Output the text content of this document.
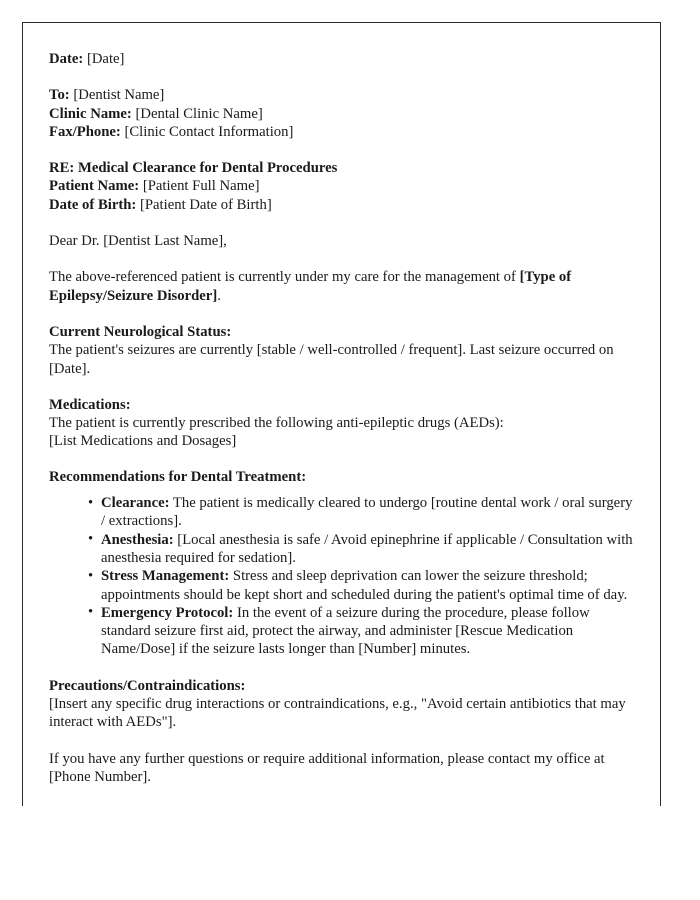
Date: [Date]
To: [Dentist Name]
Clinic Name: [Dental Clinic Name]
Fax/Phone: [Clinic Contact Information]
RE: Medical Clearance for Dental Procedures
Patient Name: [Patient Full Name]
Date of Birth: [Patient Date of Birth]
Dear Dr. [Dentist Last Name],
The above-referenced patient is currently under my care for the management of [Type of Epilepsy/Seizure Disorder].
Current Neurological Status:
The patient's seizures are currently [stable / well-controlled / frequent]. Last seizure occurred on [Date].
Medications:
The patient is currently prescribed the following anti-epileptic drugs (AEDs):
[List Medications and Dosages]
Recommendations for Dental Treatment:
• Clearance: The patient is medically cleared to undergo [routine dental work / oral surgery / extractions].
• Anesthesia: [Local anesthesia is safe / Avoid epinephrine if applicable / Consultation with anesthesia required for sedation].
• Stress Management: Stress and sleep deprivation can lower the seizure threshold; appointments should be kept short and scheduled during the patient's optimal time of day.
• Emergency Protocol: In the event of a seizure during the procedure, please follow standard seizure first aid, protect the airway, and administer [Rescue Medication Name/Dose] if the seizure lasts longer than [Number] minutes.
Precautions/Contraindications:
[Insert any specific drug interactions or contraindications, e.g., "Avoid certain antibiotics that may interact with AEDs"].
If you have any further questions or require additional information, please contact my office at [Phone Number].
